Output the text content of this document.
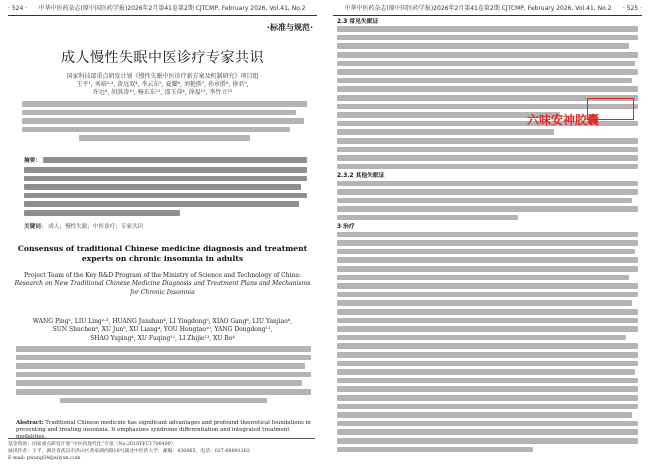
· 524 ·	中华中医药杂志(原中国医药学报)2026年2月第41卷第2期 CJTCMP, February 2026, Vol.41, No.2
·标准与规范·
成人慢性失眠中医诊疗专家共识
国家科技部重点研发计划《慢性失眠中医诊疗新方案及机制研究》项目组
王平¹, 刘裕²·³, 黄远双⁴, 李云东⁵, 夏耀⁶, 刘艳胜⁷, 孙承胜⁸, 徐君⁹,
许远⁴, 胡洪涛¹⁰, 杨东东¹¹, 邵玉萍⁴, 徐福¹², 李竹立¹³
摘要：
关键词： 成人；慢性失眠；中医诊疗；专家共识
Consensus of traditional Chinese medicine diagnosis and treatment experts on chronic insomnia in adults
Project Team of the Key R&D Program of the Ministry of Science and Technology of China: Research on New Traditional Chinese Medicine Diagnosis and Treatment Plans and Mechanisms for Chronic Insomnia
WANG Ping¹, LIU Ling²·³, HUANG Junshan⁴, LI Yingdong⁵, XIAO Gang⁶, LIU Yanjiao⁶,
SUN Shuchen⁸, XU Jun⁹, XU Liang⁴, YOU Hongtao¹⁰, YANG Dongdong¹¹,
SHAO Yuping⁴, XU Fuqing¹², LI Zhijie¹³, XU Bo⁴
Abstract: Traditional Chinese medicine has significant advantages and profound theoretical foundations in preventing and treating insomnia. It emphasizes syndrome differentiation and integrated treatment modalities.
基金资助：国家重点研发计划“中医药现代化”专项（No.2018YFC1706400）
通讯作者：王平，湖北省武汉市洪山区黄家湖西路16号湖北中医药大学，邮编：430065，电话：027-68891262
E-mail: pwang54@aliyun.com
中华中医药杂志(原中国医药学报)2026年2月第41卷第2期 CJTCMP, February 2026, Vol.41, No.2	· 525 ·
2.3 常见失眠证
2.3.2 其他失眠证
3 治疗
六味安神胶囊
